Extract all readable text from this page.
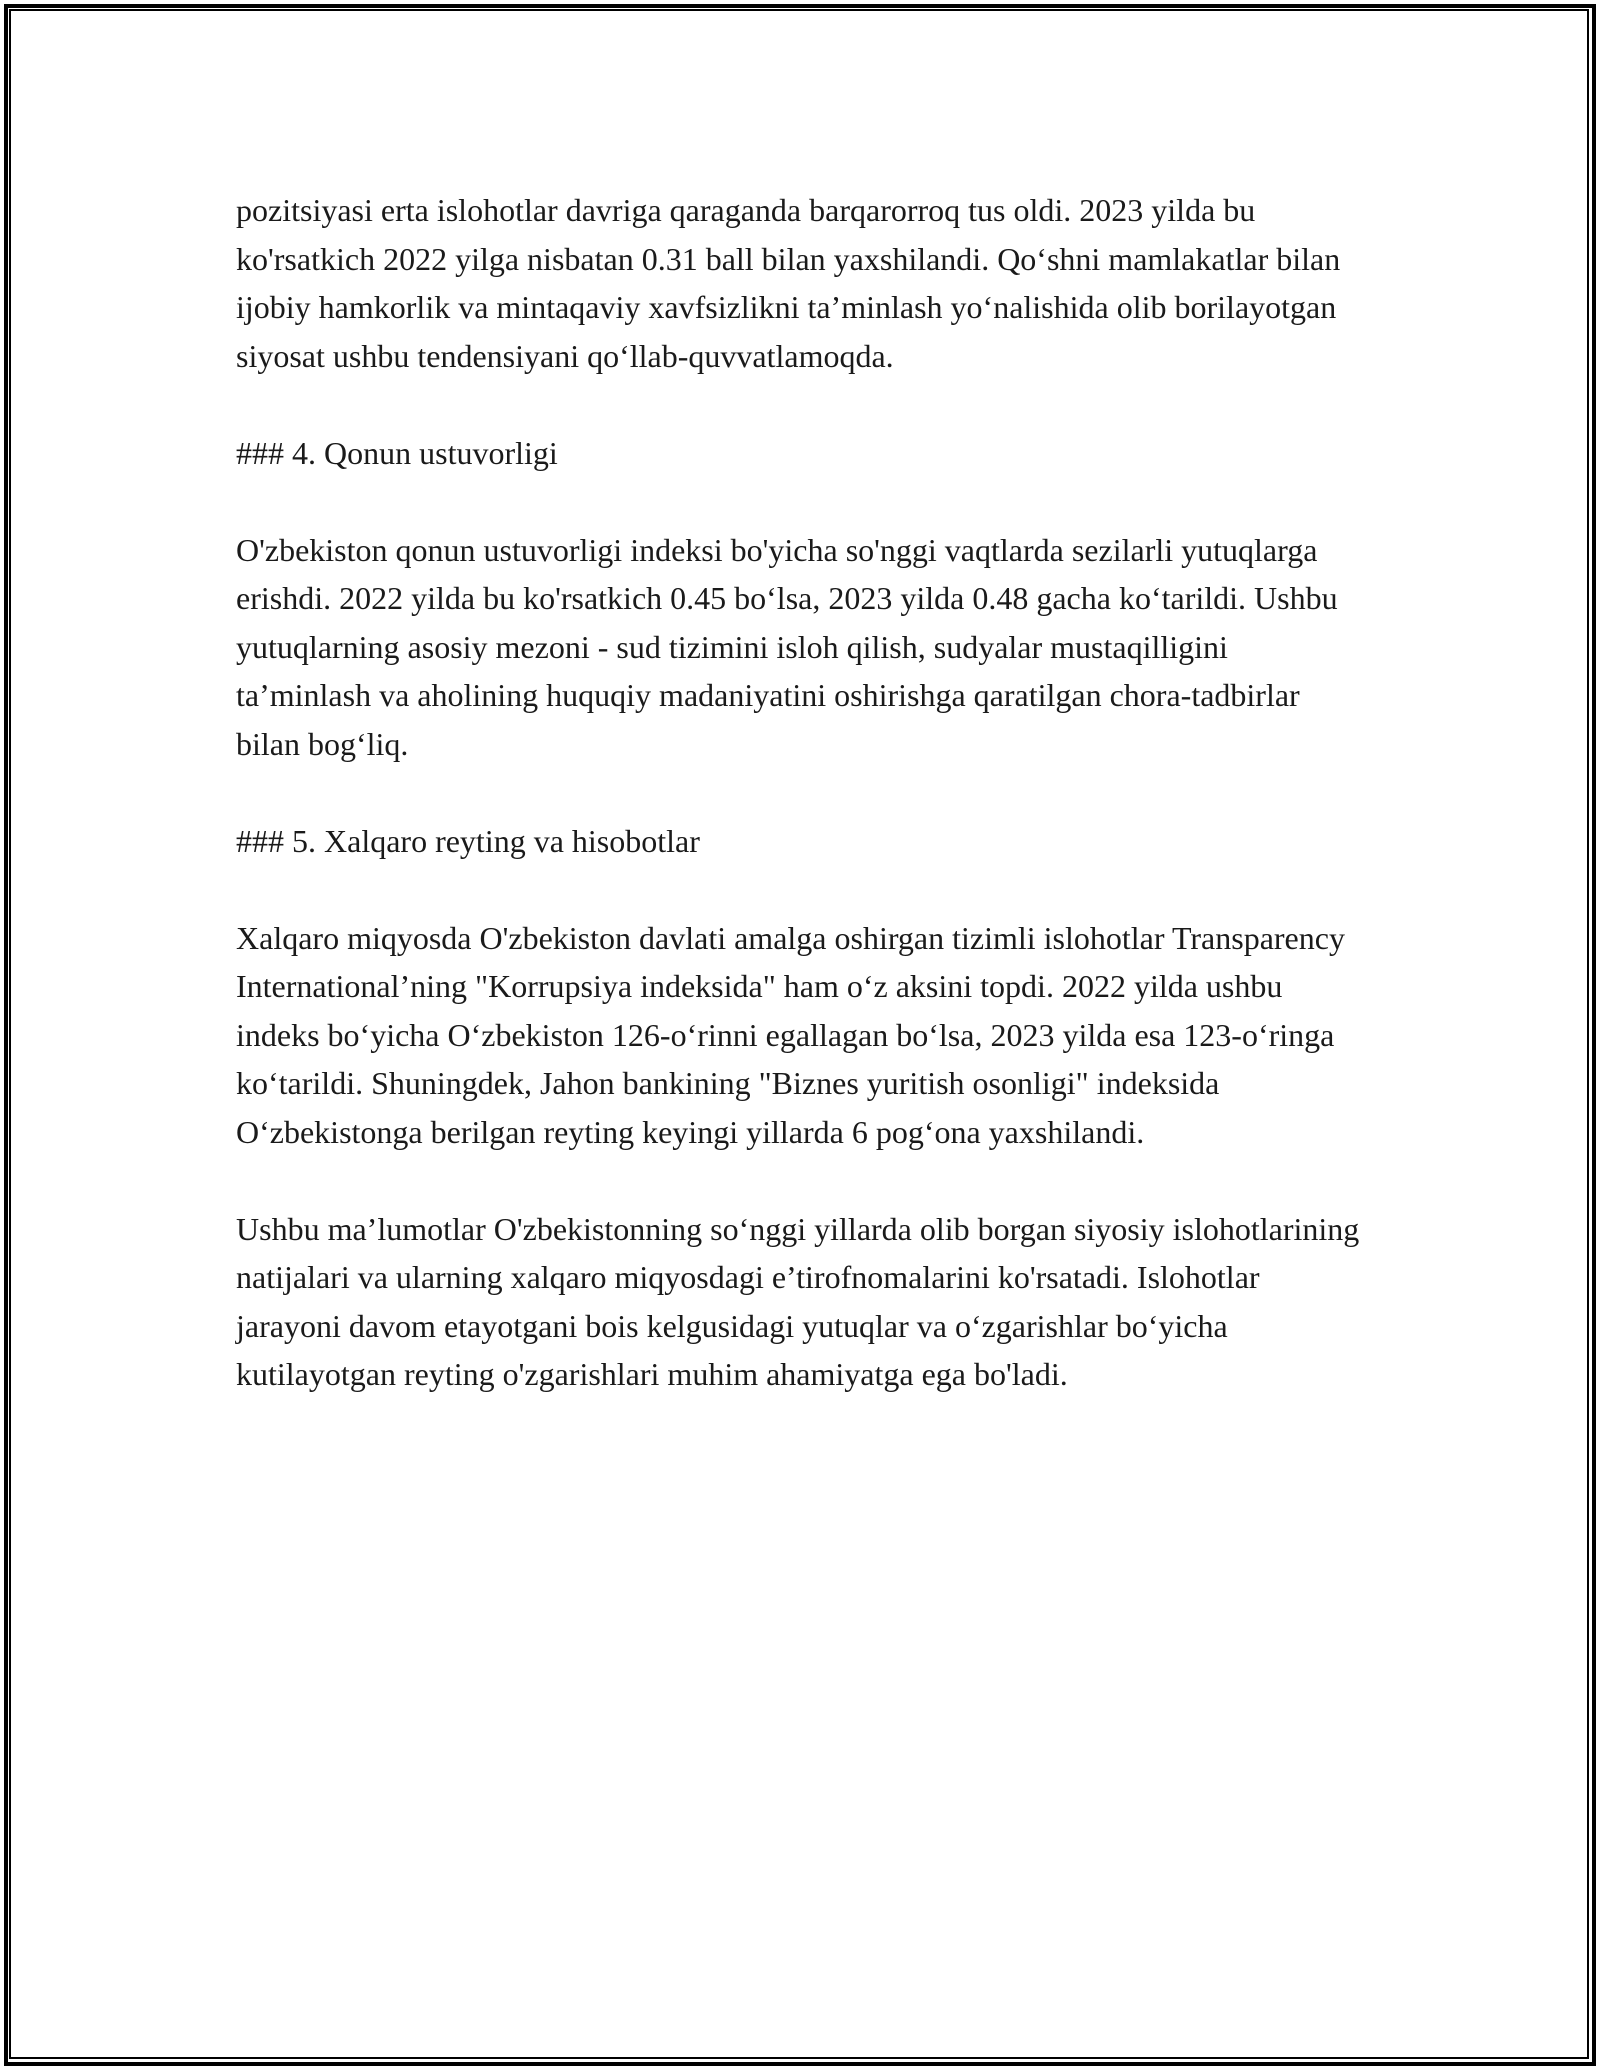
pozitsiyasi erta islohotlar davriga qaraganda barqarorroq tus oldi. 2023 yilda bu ko'rsatkich 2022 yilga nisbatan 0.31 ball bilan yaxshilandi. Qo‘shni mamlakatlar bilan ijobiy hamkorlik va mintaqaviy xavfsizlikni ta’minlash yo‘nalishida olib borilayotgan siyosat ushbu tendensiyani qo‘llab-quvvatlamoqda.

### 4. Qonun ustuvorligi

O'zbekiston qonun ustuvorligi indeksi bo'yicha so'nggi vaqtlarda sezilarli yutuqlarga erishdi. 2022 yilda bu ko'rsatkich 0.45 bo‘lsa, 2023 yilda 0.48 gacha ko‘tarildi. Ushbu yutuqlarning asosiy mezoni - sud tizimini isloh qilish, sudyalar mustaqilligini ta’minlash va aholining huquqiy madaniyatini oshirishga qaratilgan chora-tadbirlar bilan bog‘liq.

### 5. Xalqaro reyting va hisobotlar

Xalqaro miqyosda O'zbekiston davlati amalga oshirgan tizimli islohotlar Transparency International’ning "Korrupsiya indeksida" ham o‘z aksini topdi. 2022 yilda ushbu indeks bo‘yicha O‘zbekiston 126-o‘rinni egallagan bo‘lsa, 2023 yilda esa 123-o‘ringa ko‘tarildi. Shuningdek, Jahon bankining "Biznes yuritish osonligi" indeksida O‘zbekistonga berilgan reyting keyingi yillarda 6 pog‘ona yaxshilandi.

Ushbu ma’lumotlar O'zbekistonning so‘nggi yillarda olib borgan siyosiy islohotlarining natijalari va ularning xalqaro miqyosdagi e’tirofnomalarini ko'rsatadi. Islohotlar jarayoni davom etayotgani bois kelgusidagi yutuqlar va o‘zgarishlar bo‘yicha kutilayotgan reyting o'zgarishlari muhim ahamiyatga ega bo'ladi.
